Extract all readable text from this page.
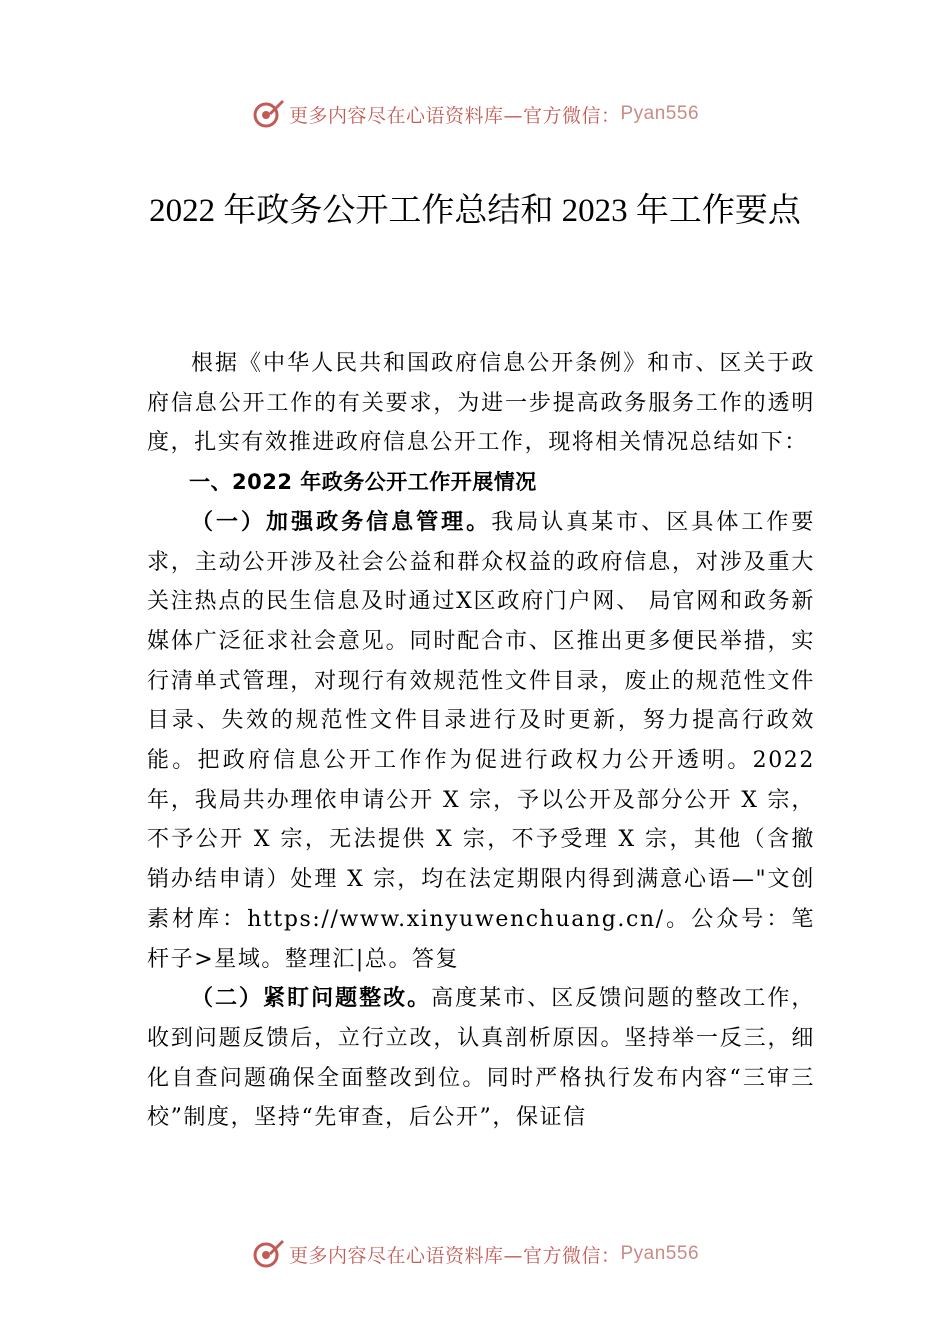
更多内容尽在心语资料库—官方微信： Pyan556
2022 年政务公开工作总结和 2023 年工作要点

根据《中华人民共和国政府信息公开条例》和市、区关于政府信息公开工作的有关要求，为进一步提高政务服务工作的透明度，扎实有效推进政府信息公开工作，现将相关情况总结如下：

一、2022 年政务公开工作开展情况

（一）加强政务信息管理。我局认真某市、区具体工作要求，主动公开涉及社会公益和群众权益的政府信息，对涉及重大关注热点的民生信息及时通过X区政府门户网、 局官网和政务新媒体广泛征求社会意见。同时配合市、区推出更多便民举措，实行清单式管理，对现行有效规范性文件目录，废止的规范性文件目录、失效的规范性文件目录进行及时更新，努力提高行政效能。把政府信息公开工作作为促进行政权力公开透明。2022 年，我局共办理依申请公开 X 宗，予以公开及部分公开 X 宗，不予公开 X 宗，无法提供 X 宗，不予受理 X 宗，其他（含撤销办结申请）处理 X 宗，均在法定期限内得到满意心语—"文创素材库：https://www.xinyuwenchuang.cn/。公众号：笔杆子>星域。整理汇|总。答复

（二）紧盯问题整改。高度某市、区反馈问题的整改工作，收到问题反馈后，立行立改，认真剖析原因。坚持举一反三，细化自查问题确保全面整改到位。同时严格执行发布内容“三审三校”制度，坚持“先审查，后公开”，保证信

更多内容尽在心语资料库—官方微信： Pyan556
